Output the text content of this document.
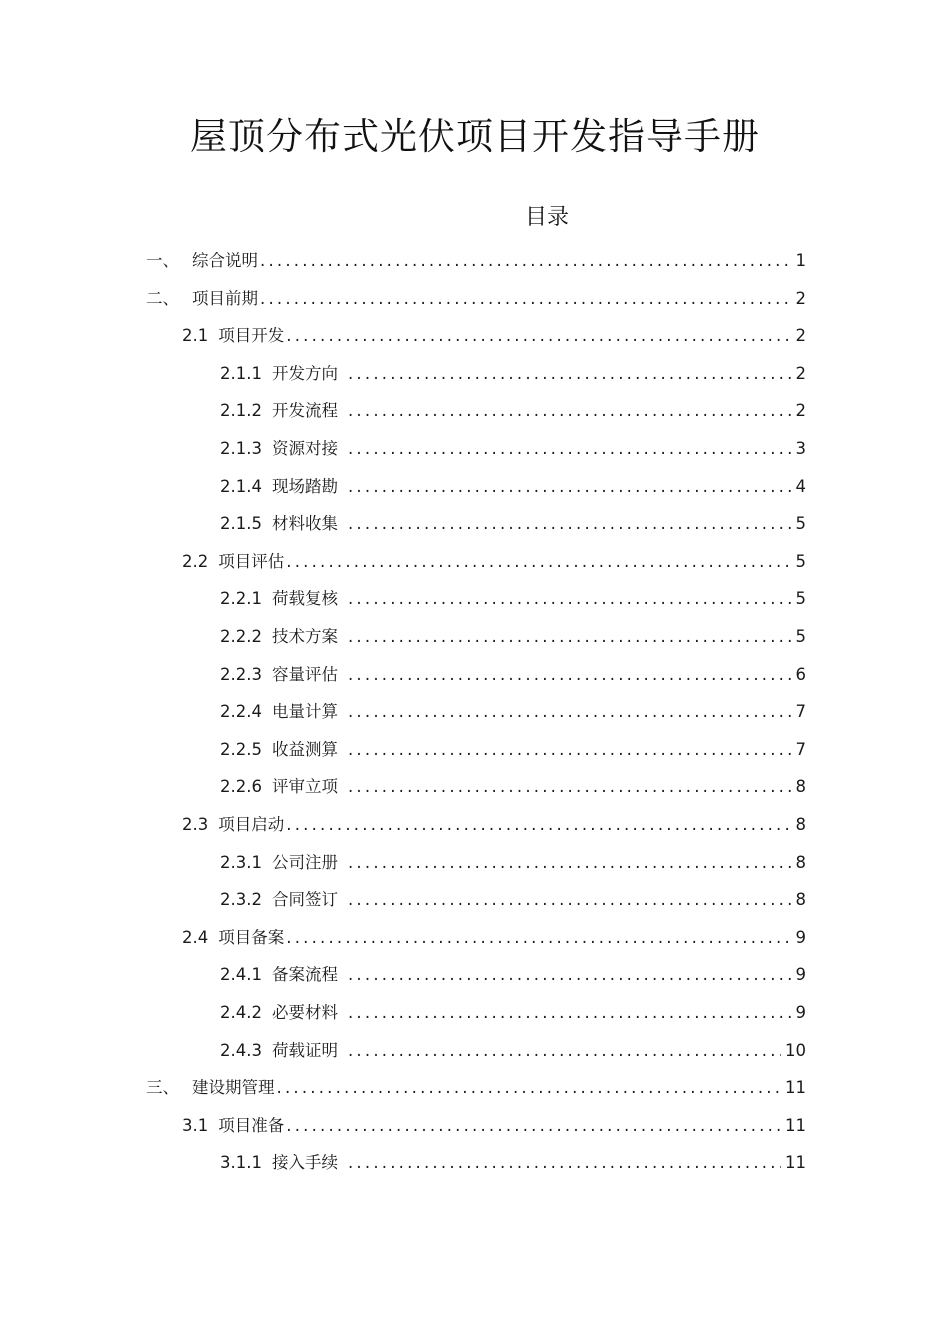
屋顶分布式光伏项目开发指导手册
目录
一、 综合说明 .....	1
二、 项目前期 .....	2
2.1 项目开发 .....	2
2.1.1 开发方向 .....	2
2.1.2 开发流程 .....	2
2.1.3 资源对接 .....	3
2.1.4 现场踏勘 .....	4
2.1.5 材料收集 .....	5
2.2 项目评估 .....	5
2.2.1 荷载复核 .....	5
2.2.2 技术方案 .....	5
2.2.3 容量评估 .....	6
2.2.4 电量计算 .....	7
2.2.5 收益测算 .....	7
2.2.6 评审立项 .....	8
2.3 项目启动 .....	8
2.3.1 公司注册 .....	8
2.3.2 合同签订 .....	8
2.4 项目备案 .....	9
2.4.1 备案流程 .....	9
2.4.2 必要材料 .....	9
2.4.3 荷载证明 .....	10
三、 建设期管理 .....	11
3.1 项目准备 .....	11
3.1.1 接入手续 .....	11
